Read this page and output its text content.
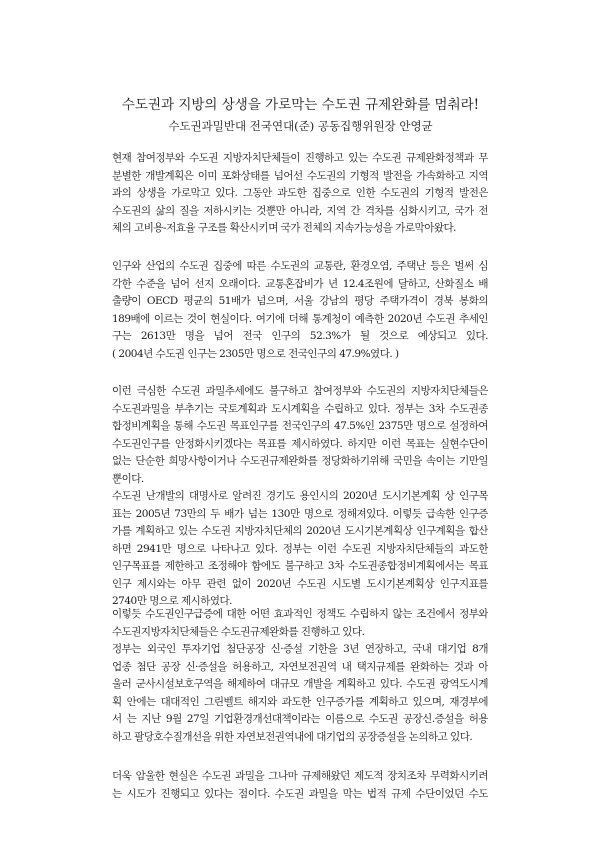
수도권과 지방의 상생을 가로막는 수도권 규제완화를 멈춰라!
수도권과밀반대 전국연대(준) 공동집행위원장 안영균
현재 참여정부와 수도권 지방자치단체들이 진행하고 있는 수도권 규제완화정책과 무
분별한 개발계획은 이미 포화상태를 넘어선 수도권의 기형적 발전을 가속화하고 지역
과의 상생을 가로막고 있다. 그동안 과도한 집중으로 인한 수도권의 기형적 발전은
수도권의 삶의 질을 저하시키는 것뿐만 아니라, 지역 간 격차를 심화시키고, 국가 전
체의 고비용-저효율 구조를 확산시키며 국가 전체의 지속가능성을 가로막아왔다.
인구와 산업의 수도권 집중에 따른 수도권의 교통란, 환경오염, 주택난 등은 벌써 심
각한 수준을 넘어 선지 오래이다. 교통혼잡비가 년 12.4조원에 달하고, 산화질소 배
출량이 OECD 평균의 51배가 넘으며, 서울 강남의 평당 주택가격이 경북 봉화의
189배에 이르는 것이 현실이다. 여기에 더해 통계청이 예측한 2020년 수도권 추세인
구는 2613만 명을 넘어 전국 인구의 52.3%가 될 것으로 예상되고 있다.
( 2004년 수도권 인구는 2305만 명으로 전국인구의 47.9%였다. )
이런 극심한 수도권 과밀추세에도 불구하고 참여정부와 수도권의 지방자치단체들은
수도권과밀을 부추기는 국토계획과 도시계획을 수립하고 있다. 정부는 3차 수도권종
합정비계획을 통해 수도권 목표인구를 전국인구의 47.5%인 2375만 명으로 설정하여
수도권인구를 안정화시키겠다는 목표를 제시하였다. 하지만 이런 목표는 실현수단이
없는 단순한 희망사항이거나 수도권규제완화를 정당화하기위해 국민을 속이는 기만일
뿐이다.
수도권 난개발의 대명사로 알려진 경기도 용인시의 2020년 도시기본계획 상 인구목
표는 2005년 73만의 두 배가 넘는 130만 명으로 정해져있다. 이렇듯 급속한 인구증
가를 계획하고 있는 수도권 지방자치단체의 2020년 도시기본계획상 인구계획을 합산
하면 2941만 명으로 나타나고 있다. 정부는 이런 수도권 지방자치단체들의 과도한
인구목표를 제한하고 조정해야 함에도 불구하고 3차 수도권종합정비계획에서는 목표
인구 제시와는 아무 관련 없이 2020년 수도권 시도별 도시기본계획상 인구지표를
2740만 명으로 제시하였다.
이렇듯 수도권인구급증에 대한 어떤 효과적인 정책도 수립하지 않는 조건에서 정부와
수도권지방자치단체들은 수도권규제완화를 진행하고 있다.
정부는 외국인 투자기업 첨단공장 신·증설 기한을 3년 연장하고, 국내 대기업 8개
업종 첨단 공장 신·증설을 허용하고, 자연보전권역 내 택지규제를 완화하는 것과 아
울러 군사시설보호구역을 해제하여 대규모 개발을 계획하고 있다. 수도권 광역도시계
획 안에는 대대적인 그린벨트 해지와 과도한 인구증가를 계획하고 있으며, 재경부에
서 는 지난 9월 27일 기업환경개선대책이라는 이름으로 수도권 공장신.증설을 허용
하고 팔당호수질개선을 위한 자연보전권역내에 대기업의 공장증설을 논의하고 있다.
더욱 암울한 현실은 수도권 과밀을 그나마 규제해왔던 제도적 장치조차 무력화시키려
는 시도가 진행되고 있다는 점이다. 수도권 과밀을 막는 법적 규제 수단이었던 수도
